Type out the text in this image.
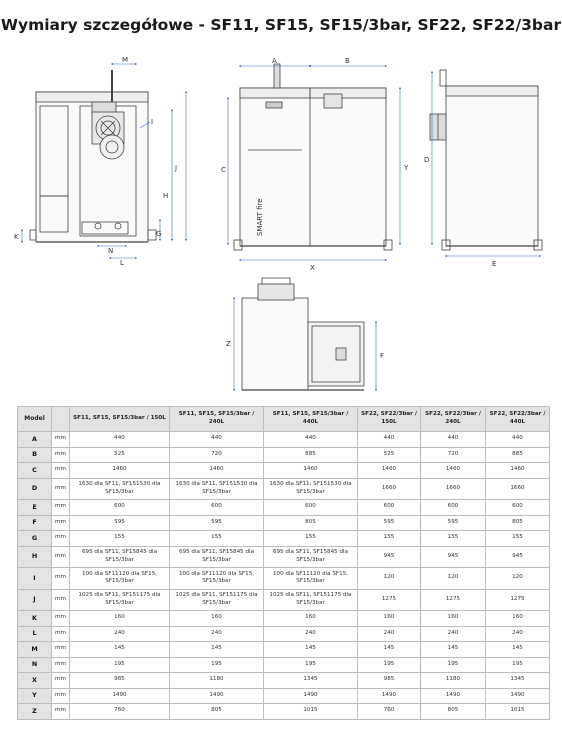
Wymiary szczegółowe - SF11, SF15, SF15/3bar, SF22, SF22/3bar
M
I
J
H
K	G
N
L
SMART fire
A	B
C	Y
X
D
E
Z
F
Model		SF11, SF15, SF15/3bar / 150L	SF11, SF15, SF15/3bar / 240L	SF11, SF15, SF15/3bar / 440L	SF22, SF22/3bar / 150L	SF22, SF22/3bar / 240L	SF22, SF22/3bar / 440L
A	mm	440	440	440	440	440	440
B	mm	525	720	885	525	720	885
C	mm	1460	1460	1460	1460	1460	1460
D	mm	1630 dla SF11, SF151530 dla SF15/3bar	1630 dla SF11, SF151530 dla SF15/3bar	1630 dla SF11, SF151530 dla SF15/3bar	1660	1660	1660
E	mm	600	600	600	600	600	600
F	mm	595	595	805	595	595	805
G	mm	155	155	155	155	155	155
H	mm	695 dla SF11, SF15845 dla SF15/3bar	695 dla SF11, SF15845 dla SF15/3bar	695 dla SF11, SF15845 dla SF15/3bar	945	945	945
I	mm	100 dla SF11120 dla SF15, SF15/3bar	100 dla SF11120 dla SF15, SF15/3bar	100 dla SF11120 dla SF15, SF15/3bar	120	120	120
J	mm	1025 dla SF11, SF151175 dla SF15/3bar	1025 dla SF11, SF151175 dla SF15/3bar	1025 dla SF11, SF151175 dla SF15/3bar	1275	1275	1275
K	mm	160	160	160	160	160	160
L	mm	240	240	240	240	240	240
M	mm	145	145	145	145	145	145
N	mm	195	195	195	195	195	195
X	mm	985	1180	1345	985	1180	1345
Y	mm	1490	1490	1490	1490	1490	1490
Z	mm	760	805	1015	760	805	1015
